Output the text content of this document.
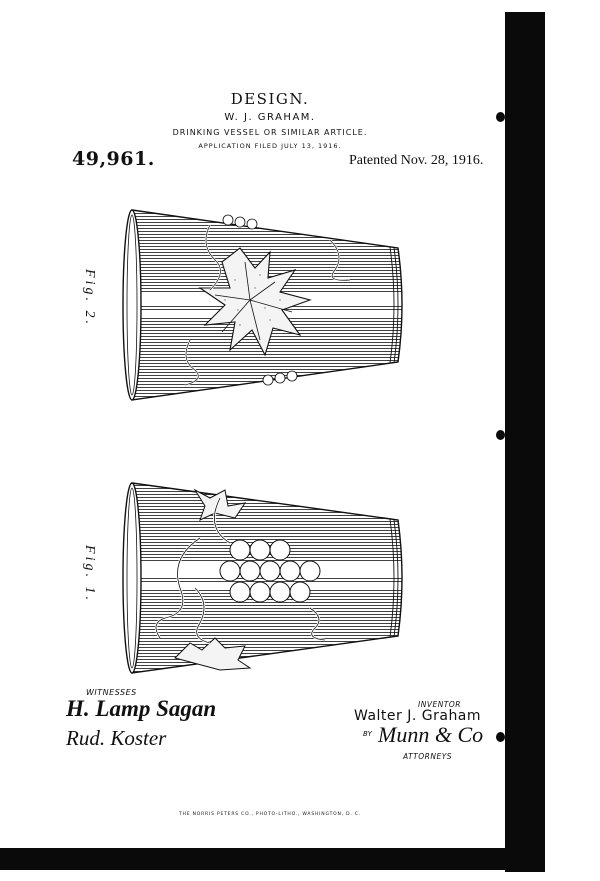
DESIGN.
W. J. GRAHAM.
DRINKING VESSEL OR SIMILAR ARTICLE.
APPLICATION FILED JULY 13, 1916.
49,961.	Patented Nov. 28, 1916.
Fig. 2.
Fig. 1.
WITNESSES
H. Lamp Sagan
Rud. Koster
INVENTOR
Walter J. Graham
BY Munn & Co
ATTORNEYS
THE NORRIS PETERS CO., PHOTO-LITHO., WASHINGTON, D. C.
